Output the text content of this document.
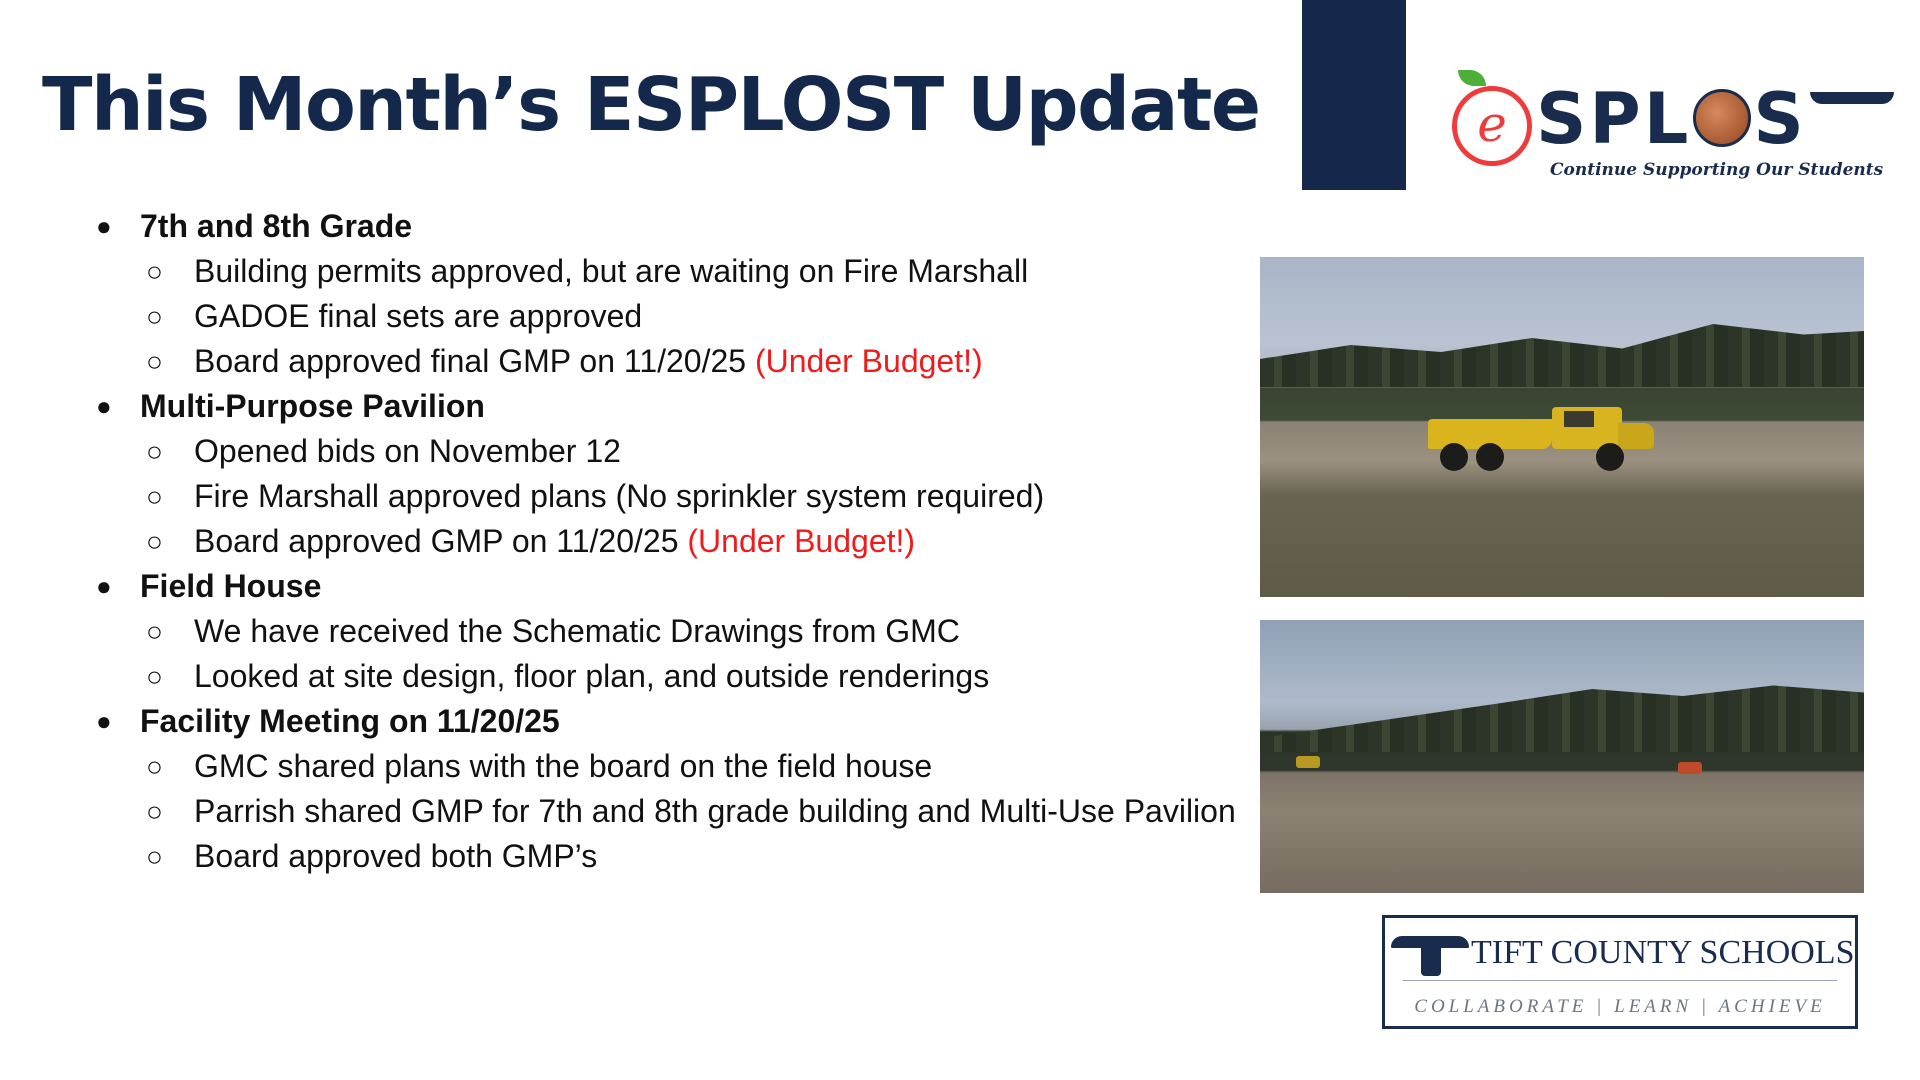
This Month’s ESPLOST Update	e SPL S
Continue Supporting Our Students
● 7th and 8th Grade
○ Building permits approved, but are waiting on Fire Marshall
○ GADOE final sets are approved
○ Board approved final GMP on 11/20/25 (Under Budget!)
● Multi-Purpose Pavilion
○ Opened bids on November 12
○ Fire Marshall approved plans (No sprinkler system required)
○ Board approved GMP on 11/20/25 (Under Budget!)
● Field House
○ We have received the Schematic Drawings from GMC
○ Looked at site design, floor plan, and outside renderings
● Facility Meeting on 11/20/25
○ GMC shared plans with the board on the field house
○ Parrish shared GMP for 7th and 8th grade building and Multi-Use Pavilion
○ Board approved both GMP’s
TIFT COUNTY SCHOOLS
COLLABORATE | LEARN | ACHIEVE
